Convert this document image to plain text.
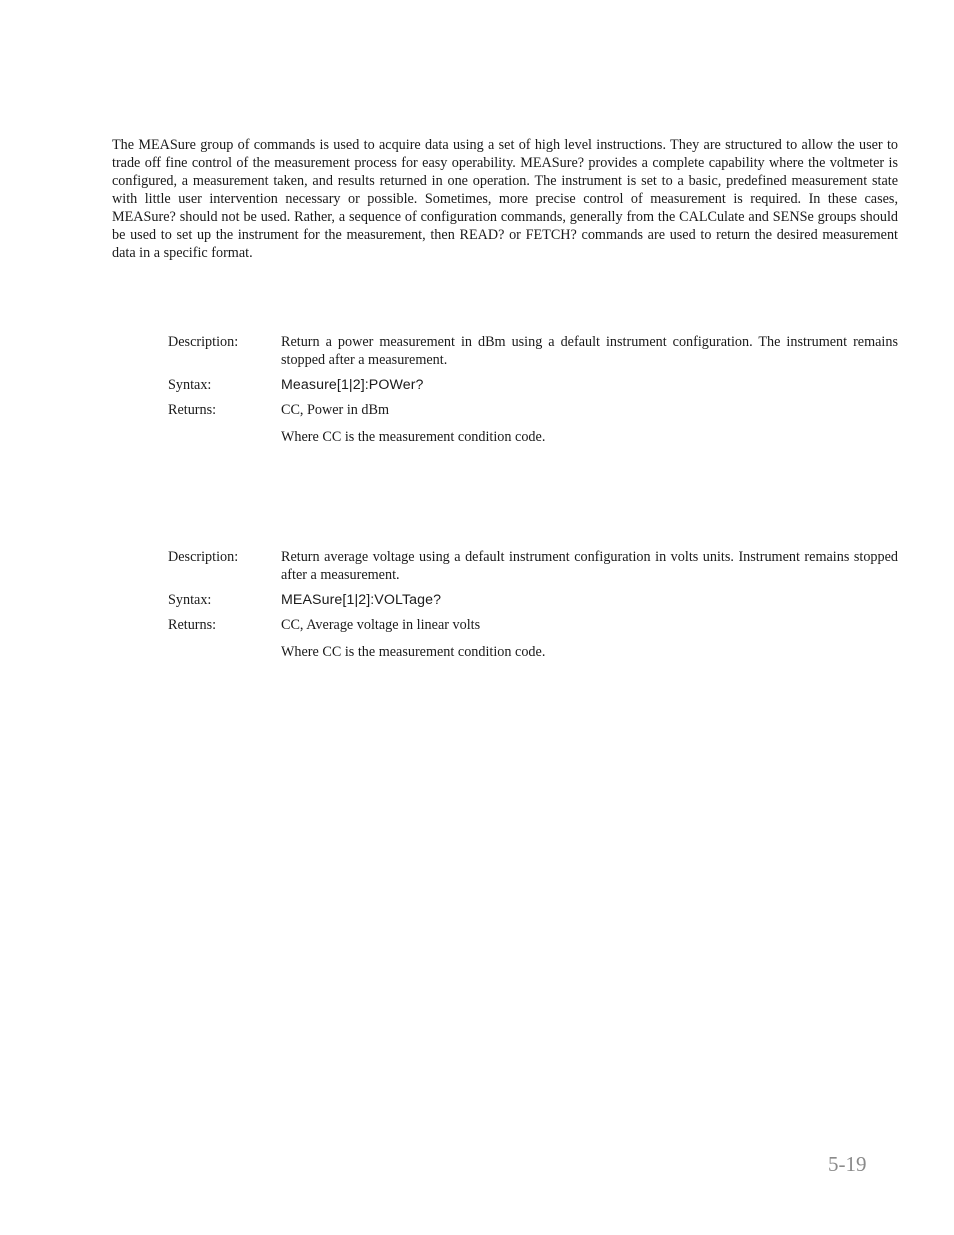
The MEASure group of commands is used to acquire data using a set of high level instructions. They are structured to allow the user to trade off fine control of the measurement process for easy operability. MEASure? provides a complete capability where the voltmeter is configured, a measurement taken, and results returned in one operation. The instrument is set to a basic, predefined measurement state with little user intervention necessary or possible. Sometimes, more precise control of measurement is required. In these cases, MEASure? should not be used. Rather, a sequence of configuration commands, generally from the CALCulate and SENSe groups should be used to set up the instrument for the measurement, then READ? or FETCH? commands are used to return the desired measurement data in a specific format.

Description:	Return a power measurement in dBm using a default instrument configuration. The instrument remains stopped after a measurement.
Syntax:	Measure[1|2]:POWer?
Returns:	CC, Power in dBm
Where CC is the measurement condition code.
Description:	Return average voltage using a default instrument configuration in volts units. Instrument remains stopped after a measurement.
Syntax:	MEASure[1|2]:VOLTage?
Returns:	CC, Average voltage in linear volts
Where CC is the measurement condition code.
5-19
